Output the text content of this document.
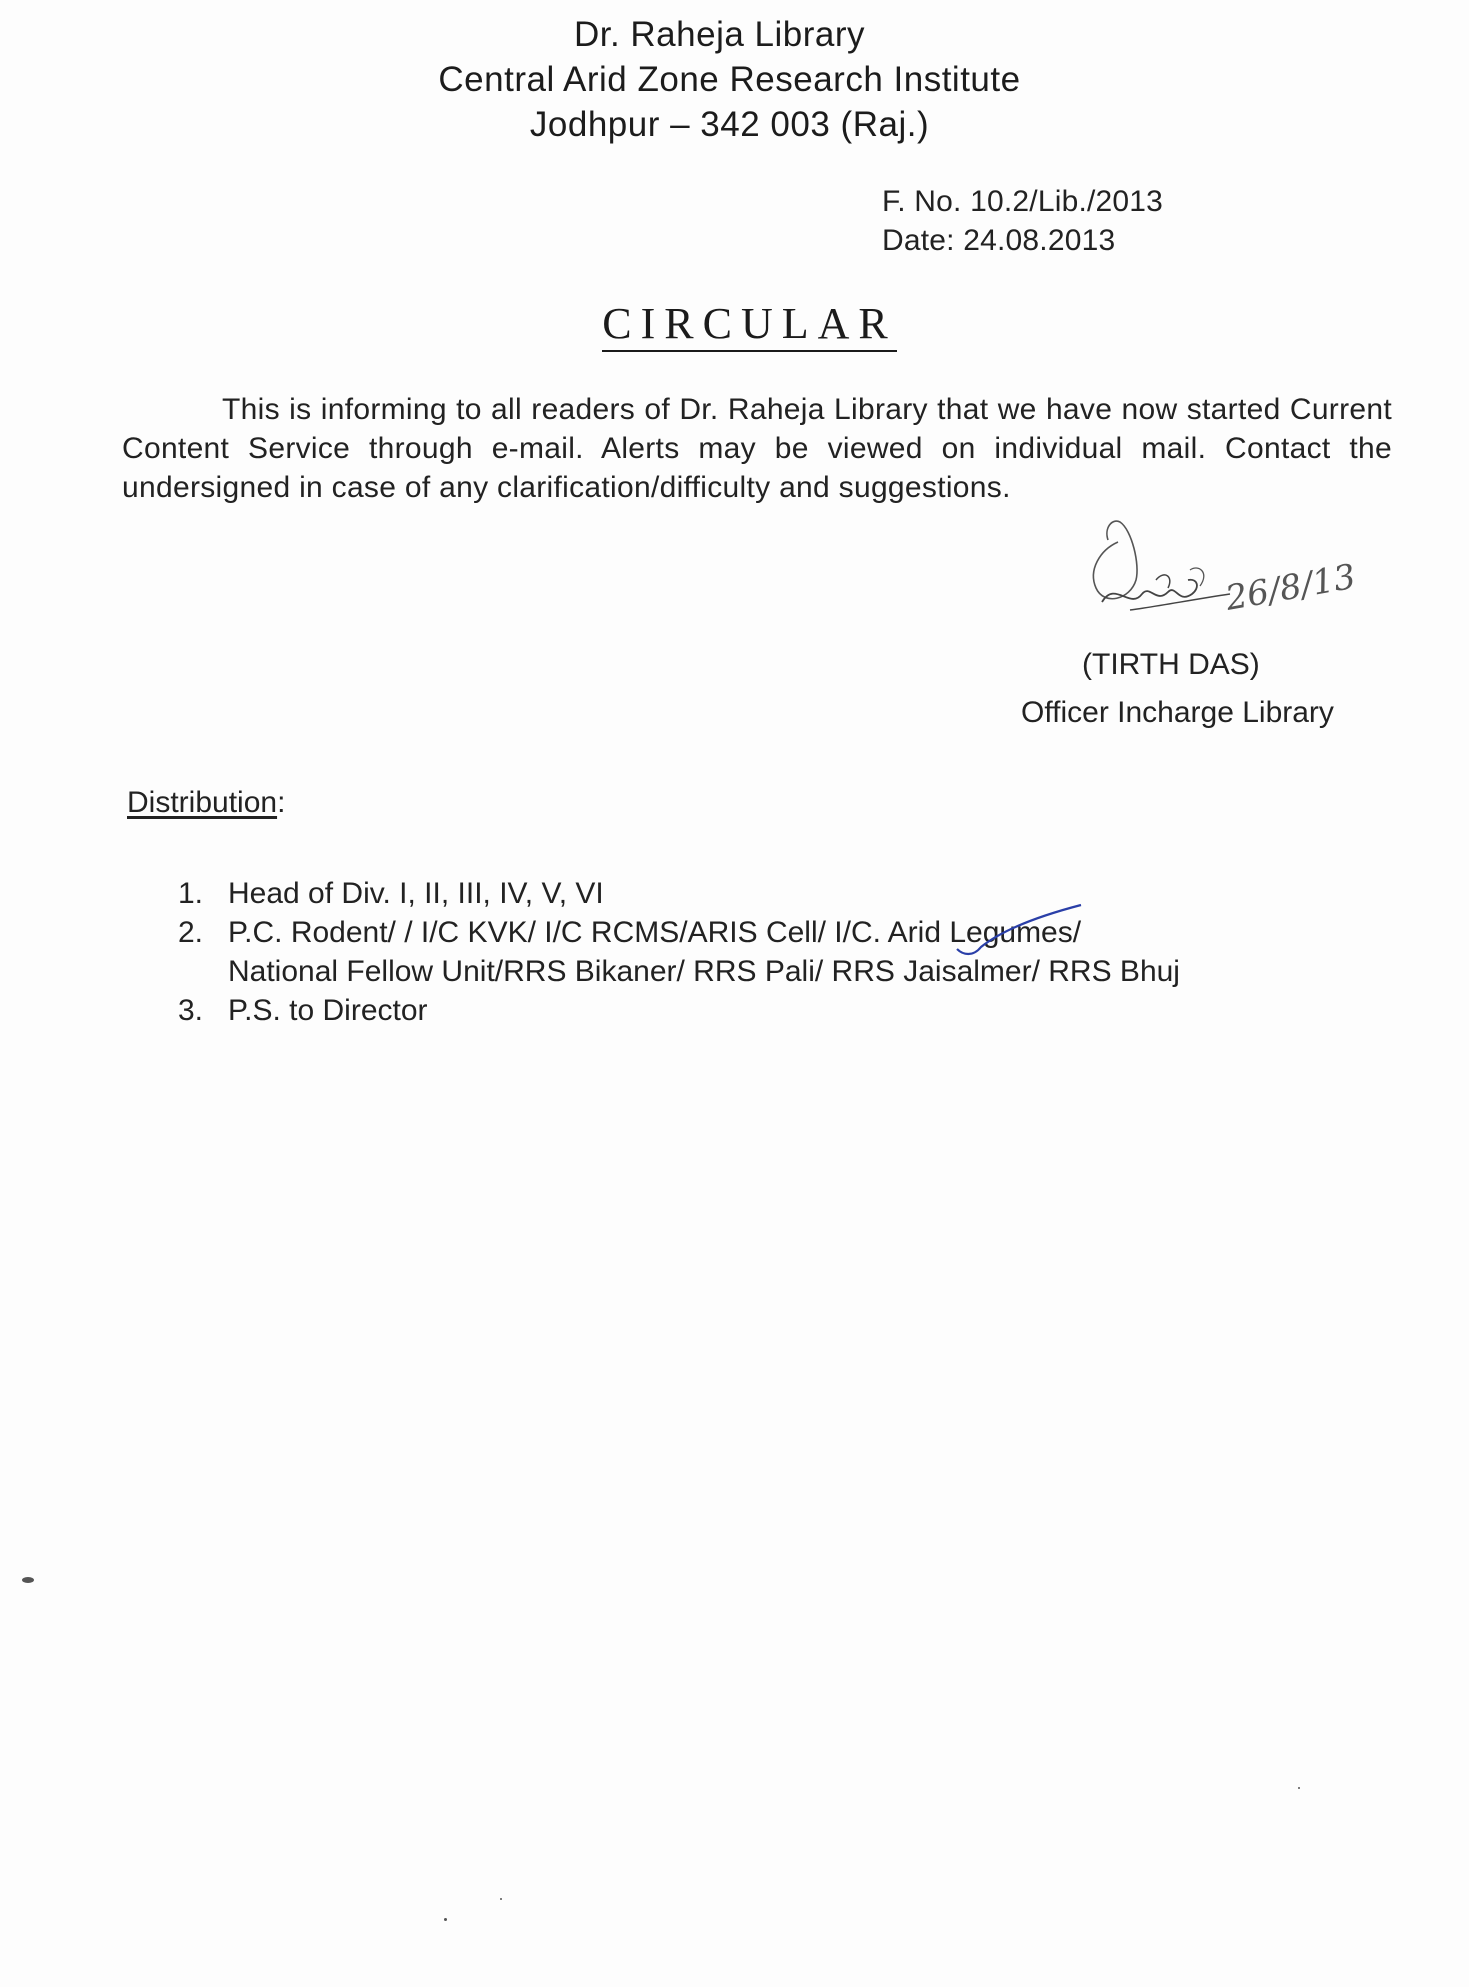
Dr. Raheja Library
Central Arid Zone Research Institute
Jodhpur – 342 003 (Raj.)
F. No. 10.2/Lib./2013
Date: 24.08.2013
CIRCULAR
This is informing to all readers of Dr. Raheja Library that we have now started Current Content Service through e-mail. Alerts may be viewed on individual mail. Contact the undersigned in case of any clarification/difficulty and suggestions.
26/8/13
(TIRTH DAS)
Officer Incharge Library
Distribution:
1. Head of Div. I, II, III, IV, V, VI
2. P.C. Rodent/ / I/C KVK/ I/C RCMS/ARIS Cell/ I/C. Arid Legumes/
National Fellow Unit/RRS Bikaner/ RRS Pali/ RRS Jaisalmer/ RRS Bhuj
3. P.S. to Director
